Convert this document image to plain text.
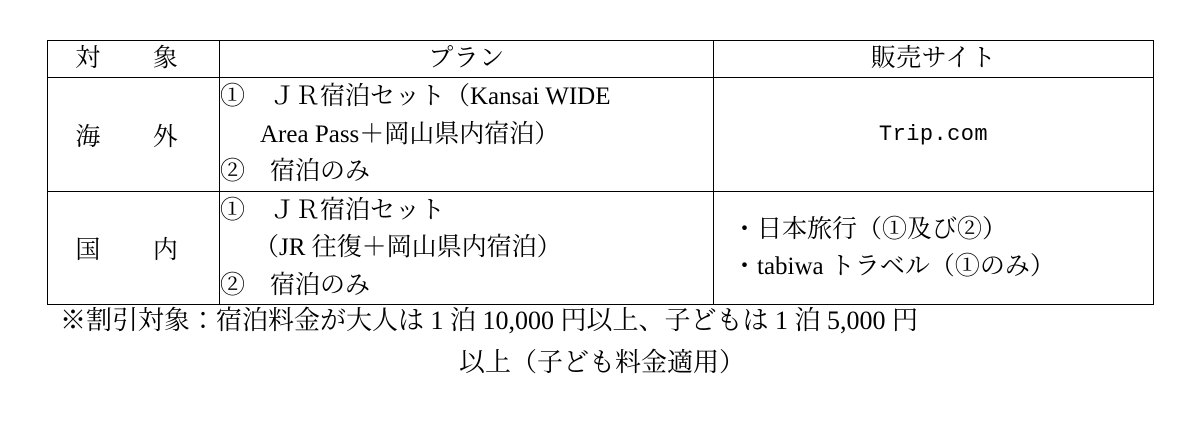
対　象	プラン	販売サイト
海　外	①　ＪＲ宿泊セット（Kansai WIDE
Area Pass＋岡山県内宿泊）
②　宿泊のみ	Trip.com

国　内	①　ＪＲ宿泊セット
（JR 往復＋岡山県内宿泊）
②　宿泊のみ	・日本旅行（①及び②）
・tabiwa トラベル（①のみ）
※割引対象：宿泊料金が大人は 1 泊 10,000 円以上、子どもは 1 泊 5,000 円
以上（子ども料金適用）
